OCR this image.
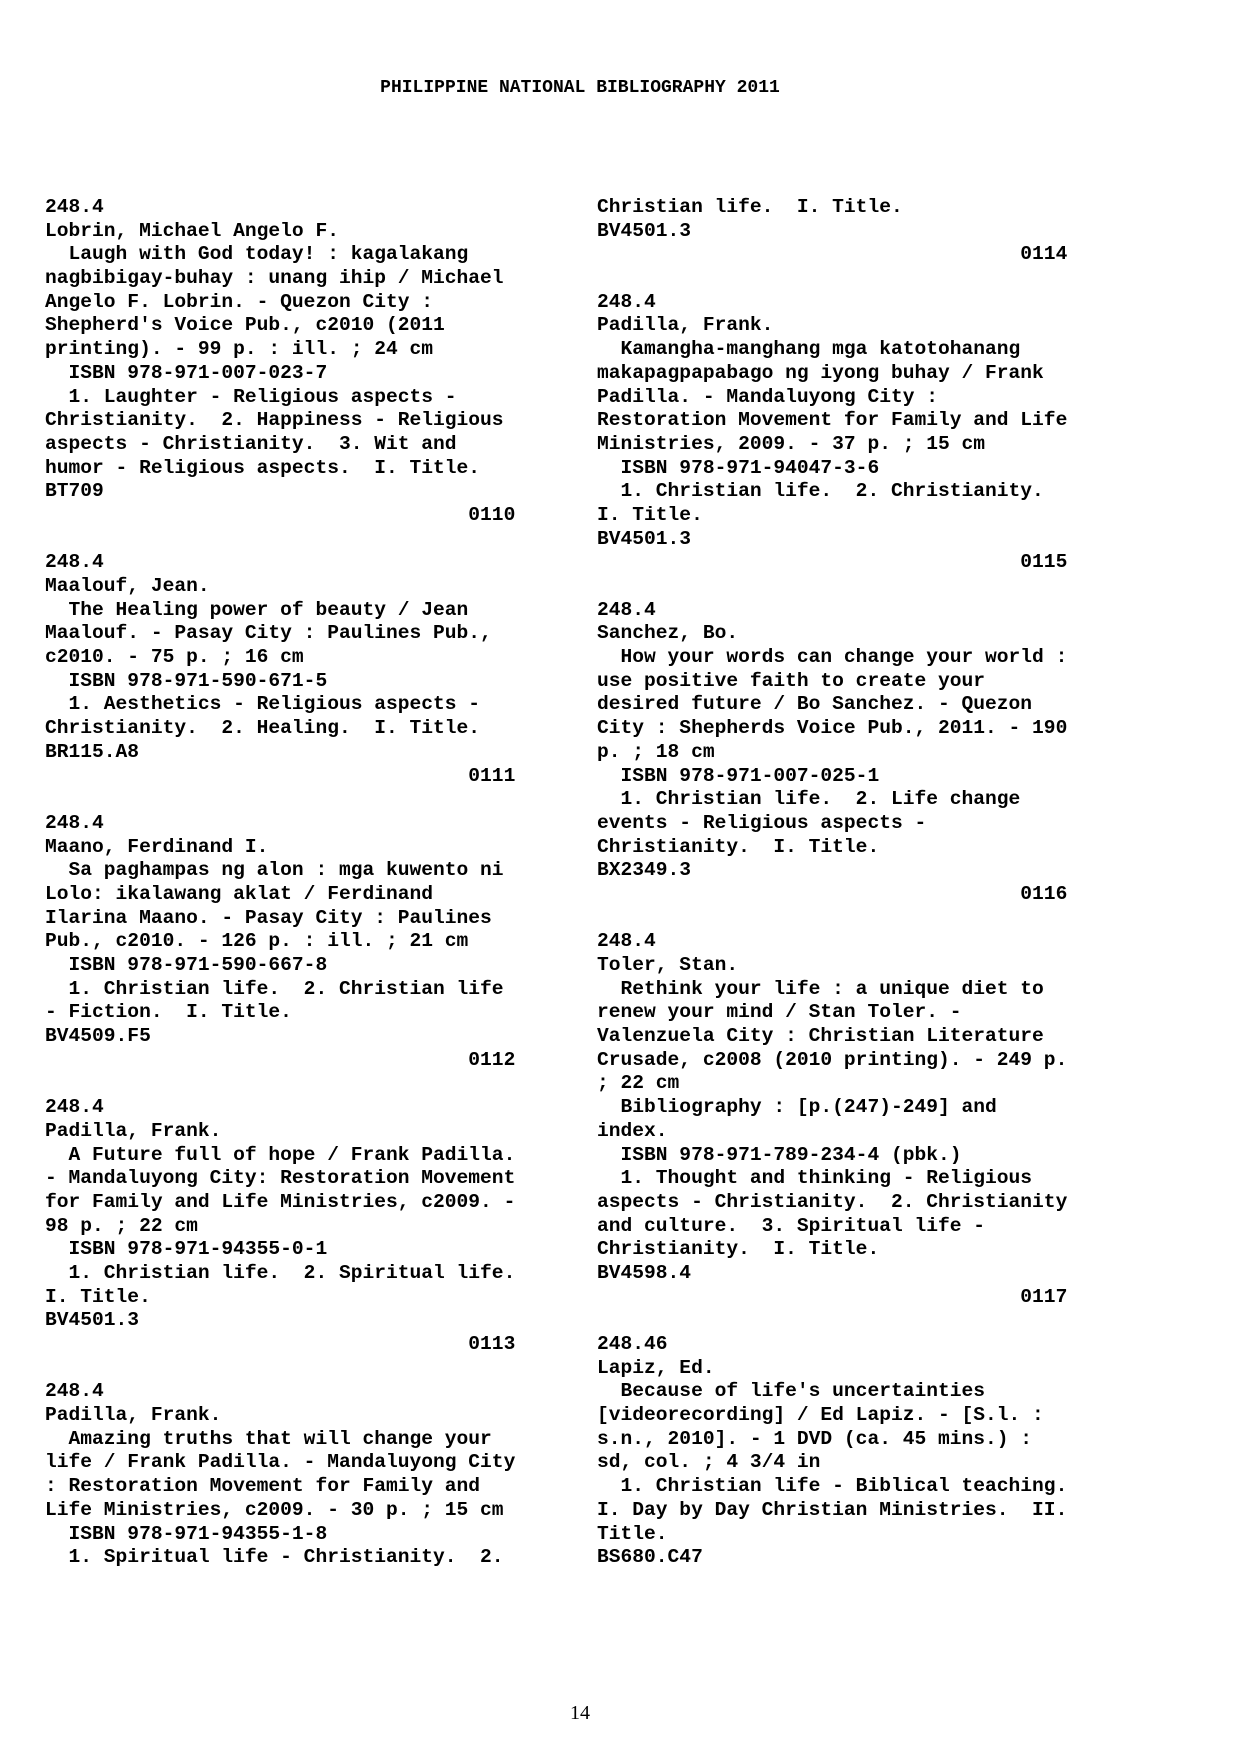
PHILIPPINE NATIONAL BIBLIOGRAPHY 2011
248.4
Lobrin, Michael Angelo F.
Laugh with God today! : kagalakang
nagbibigay-buhay : unang ihip / Michael
Angelo F. Lobrin. - Quezon City :
Shepherd's Voice Pub., c2010 (2011
printing). - 99 p. : ill. ; 24 cm
ISBN 978-971-007-023-7
1. Laughter - Religious aspects -
Christianity.  2. Happiness - Religious
aspects - Christianity.  3. Wit and
humor - Religious aspects.  I. Title.
BT709
0110
248.4
Maalouf, Jean.
The Healing power of beauty / Jean
Maalouf. - Pasay City : Paulines Pub.,
c2010. - 75 p. ; 16 cm
ISBN 978-971-590-671-5
1. Aesthetics - Religious aspects -
Christianity.  2. Healing.  I. Title.
BR115.A8
0111
248.4
Maano, Ferdinand I.
Sa paghampas ng alon : mga kuwento ni
Lolo: ikalawang aklat / Ferdinand
Ilarina Maano. - Pasay City : Paulines
Pub., c2010. - 126 p. : ill. ; 21 cm
ISBN 978-971-590-667-8
1. Christian life.  2. Christian life
- Fiction.  I. Title.
BV4509.F5
0112
248.4
Padilla, Frank.
A Future full of hope / Frank Padilla.
- Mandaluyong City: Restoration Movement
for Family and Life Ministries, c2009. -
98 p. ; 22 cm
ISBN 978-971-94355-0-1
1. Christian life.  2. Spiritual life.
I. Title.
BV4501.3
0113
248.4
Padilla, Frank.
Amazing truths that will change your
life / Frank Padilla. - Mandaluyong City
: Restoration Movement for Family and
Life Ministries, c2009. - 30 p. ; 15 cm
ISBN 978-971-94355-1-8
1. Spiritual life - Christianity.  2.
Christian life.  I. Title.
BV4501.3
0114
248.4
Padilla, Frank.
Kamangha-manghang mga katotohanang
makapagpapabago ng iyong buhay / Frank
Padilla. - Mandaluyong City :
Restoration Movement for Family and Life
Ministries, 2009. - 37 p. ; 15 cm
ISBN 978-971-94047-3-6
1. Christian life.  2. Christianity.
I. Title.
BV4501.3
0115
248.4
Sanchez, Bo.
How your words can change your world :
use positive faith to create your
desired future / Bo Sanchez. - Quezon
City : Shepherds Voice Pub., 2011. - 190
p. ; 18 cm
ISBN 978-971-007-025-1
1. Christian life.  2. Life change
events - Religious aspects -
Christianity.  I. Title.
BX2349.3
0116
248.4
Toler, Stan.
Rethink your life : a unique diet to
renew your mind / Stan Toler. -
Valenzuela City : Christian Literature
Crusade, c2008 (2010 printing). - 249 p.
; 22 cm
Bibliography : [p.(247)-249] and
index.
ISBN 978-971-789-234-4 (pbk.)
1. Thought and thinking - Religious
aspects - Christianity.  2. Christianity
and culture.  3. Spiritual life -
Christianity.  I. Title.
BV4598.4
0117
248.46
Lapiz, Ed.
Because of life's uncertainties
[videorecording] / Ed Lapiz. - [S.l. :
s.n., 2010]. - 1 DVD (ca. 45 mins.) :
sd, col. ; 4 3/4 in
1. Christian life - Biblical teaching.
I. Day by Day Christian Ministries.  II.
Title.
BS680.C47
14
